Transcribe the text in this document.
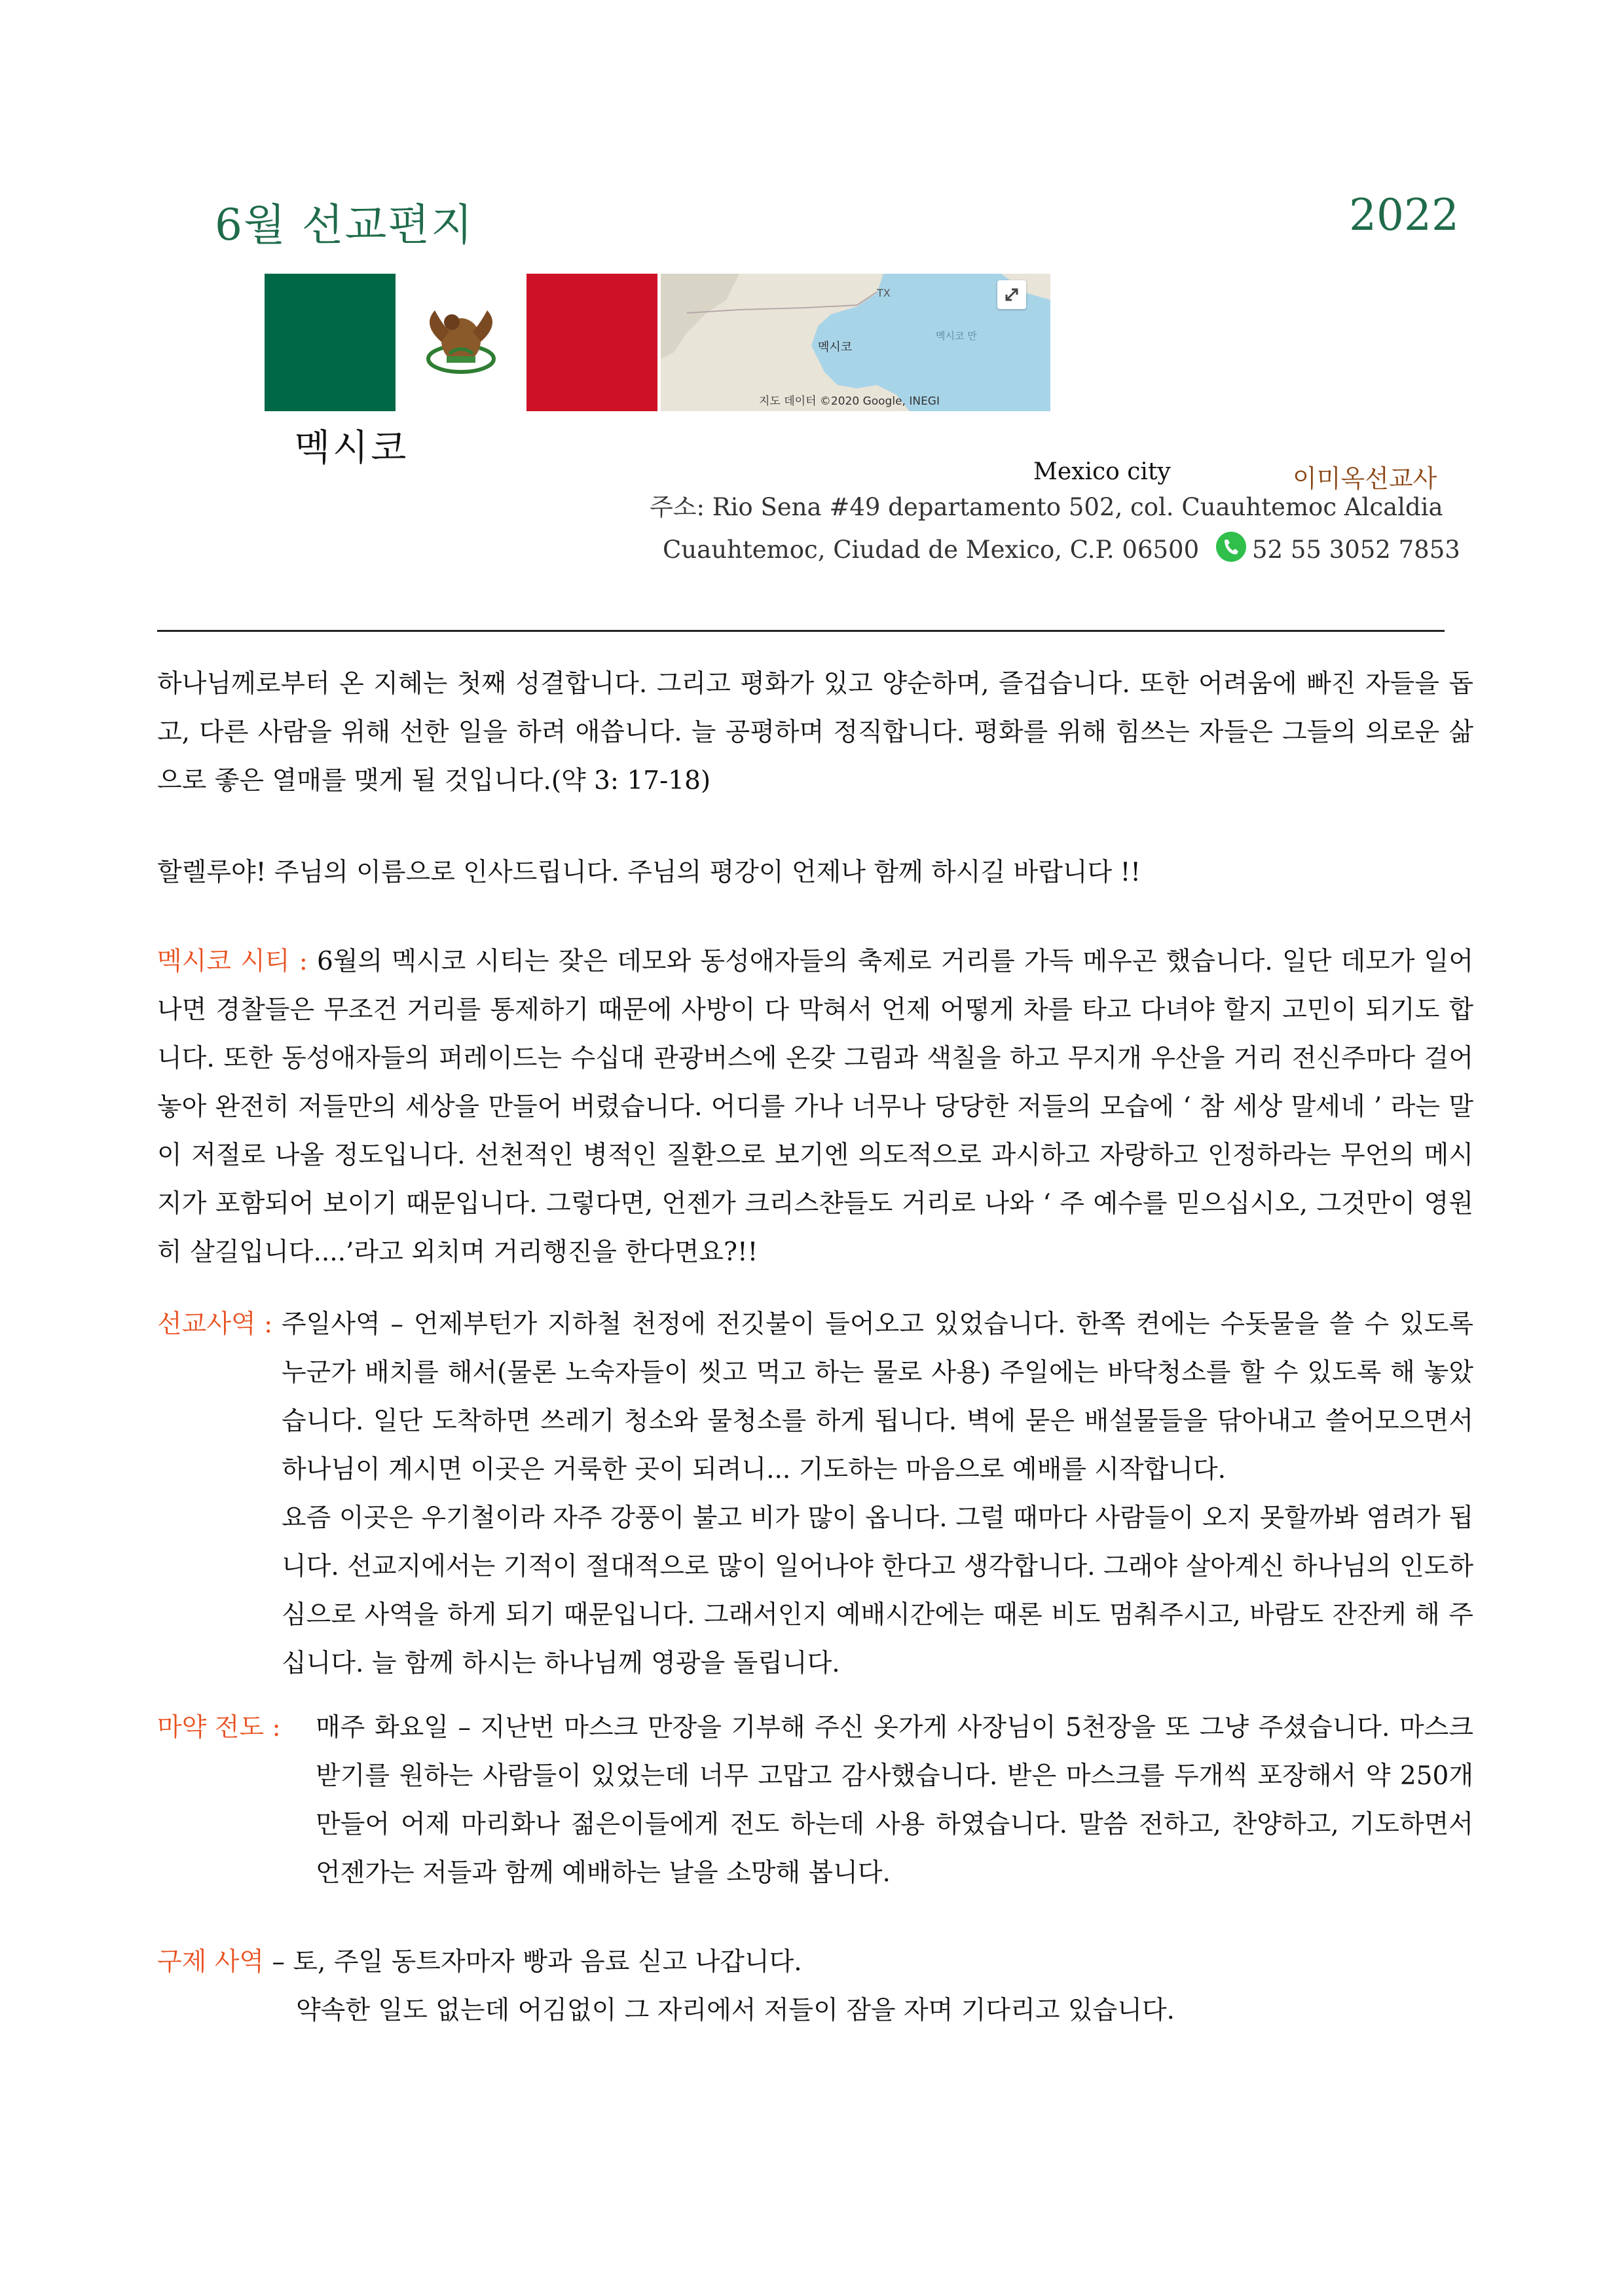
6월 선교편지	2022
TX
멕시코
멕시코 만
지도 데이터 ©2020 Google, INEGI
멕시코
Mexico city	이미옥선교사
주소: Rio Sena #49 departamento 502, col. Cuauhtemoc Alcaldia
Cuauhtemoc, Ciudad de Mexico, C.P. 06500 52 55 3052 7853
하나님께로부터 온 지혜는 첫째 성결합니다. 그리고 평화가 있고 양순하며, 즐겁습니다. 또한 어려움에 빠진 자들을 돕고, 다른 사람을 위해 선한 일을 하려 애씁니다. 늘 공평하며 정직합니다. 평화를 위해 힘쓰는 자들은 그들의 의로운 삶으로 좋은 열매를 맺게 될 것입니다.(약 3: 17-18)
할렐루야! 주님의 이름으로 인사드립니다. 주님의 평강이 언제나 함께 하시길 바랍니다 !!
멕시코 시티 : 6월의 멕시코 시티는 잦은 데모와 동성애자들의 축제로 거리를 가득 메우곤 했습니다. 일단 데모가 일어나면 경찰들은 무조건 거리를 통제하기 때문에 사방이 다 막혀서 언제 어떻게 차를 타고 다녀야 할지 고민이 되기도 합니다. 또한 동성애자들의 퍼레이드는 수십대 관광버스에 온갖 그림과 색칠을 하고 무지개 우산을 거리 전신주마다 걸어놓아 완전히 저들만의 세상을 만들어 버렸습니다. 어디를 가나 너무나 당당한 저들의 모습에 ‘ 참 세상 말세네 ’ 라는 말이 저절로 나올 정도입니다. 선천적인 병적인 질환으로 보기엔 의도적으로 과시하고 자랑하고 인정하라는 무언의 메시지가 포함되어 보이기 때문입니다. 그렇다면, 언젠가 크리스챤들도 거리로 나와 ‘ 주 예수를 믿으십시오, 그것만이 영원히 살길입니다....’라고 외치며 거리행진을 한다면요?!!
선교사역 : 주일사역 – 언제부턴가 지하철 천정에 전깃불이 들어오고 있었습니다. 한쪽 켠에는 수돗물을 쓸 수 있도록 누군가 배치를 해서(물론 노숙자들이 씻고 먹고 하는 물로 사용) 주일에는 바닥청소를 할 수 있도록 해 놓았습니다. 일단 도착하면 쓰레기 청소와 물청소를 하게 됩니다. 벽에 묻은 배설물들을 닦아내고 쓸어모으면서 하나님이 계시면 이곳은 거룩한 곳이 되려니... 기도하는 마음으로 예배를 시작합니다.
요즘 이곳은 우기철이라 자주 강풍이 불고 비가 많이 옵니다. 그럴 때마다 사람들이 오지 못할까봐 염려가 됩니다. 선교지에서는 기적이 절대적으로 많이 일어나야 한다고 생각합니다. 그래야 살아계신 하나님의 인도하심으로 사역을 하게 되기 때문입니다. 그래서인지 예배시간에는 때론 비도 멈춰주시고, 바람도 잔잔케 해 주십니다. 늘 함께 하시는 하나님께 영광을 돌립니다.
마약 전도 : 매주 화요일 – 지난번 마스크 만장을 기부해 주신 옷가게 사장님이 5천장을 또 그냥 주셨습니다. 마스크 받기를 원하는 사람들이 있었는데 너무 고맙고 감사했습니다. 받은 마스크를 두개씩 포장해서 약 250개 만들어 어제 마리화나 젊은이들에게 전도 하는데 사용 하였습니다. 말씀 전하고, 찬양하고, 기도하면서 언젠가는 저들과 함께 예배하는 날을 소망해 봅니다.
구제 사역 – 토, 주일 동트자마자 빵과 음료 싣고 나갑니다.
약속한 일도 없는데 어김없이 그 자리에서 저들이 잠을 자며 기다리고 있습니다.
